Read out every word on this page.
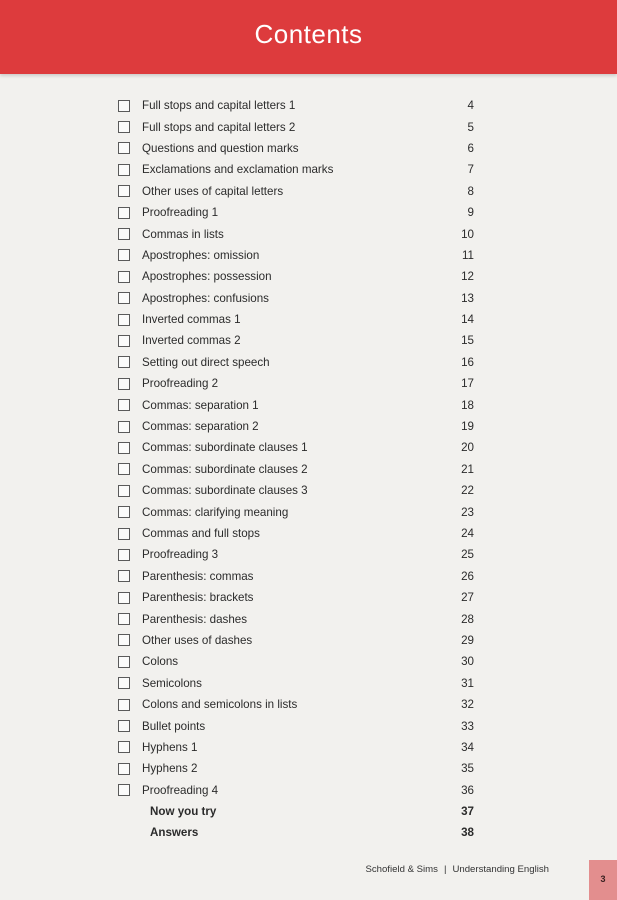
Contents
Full stops and capital letters 1	4
Full stops and capital letters 2	5
Questions and question marks	6
Exclamations and exclamation marks	7
Other uses of capital letters	8
Proofreading 1	9
Commas in lists	10
Apostrophes: omission	11
Apostrophes: possession	12
Apostrophes: confusions	13
Inverted commas 1	14
Inverted commas 2	15
Setting out direct speech	16
Proofreading 2	17
Commas: separation 1	18
Commas: separation 2	19
Commas: subordinate clauses 1	20
Commas: subordinate clauses 2	21
Commas: subordinate clauses 3	22
Commas: clarifying meaning	23
Commas and full stops	24
Proofreading 3	25
Parenthesis: commas	26
Parenthesis: brackets	27
Parenthesis: dashes	28
Other uses of dashes	29
Colons	30
Semicolons	31
Colons and semicolons in lists	32
Bullet points	33
Hyphens 1	34
Hyphens 2	35
Proofreading 4	36
Now you try	37
Answers	38
Schofield & Sims | Understanding English
3
